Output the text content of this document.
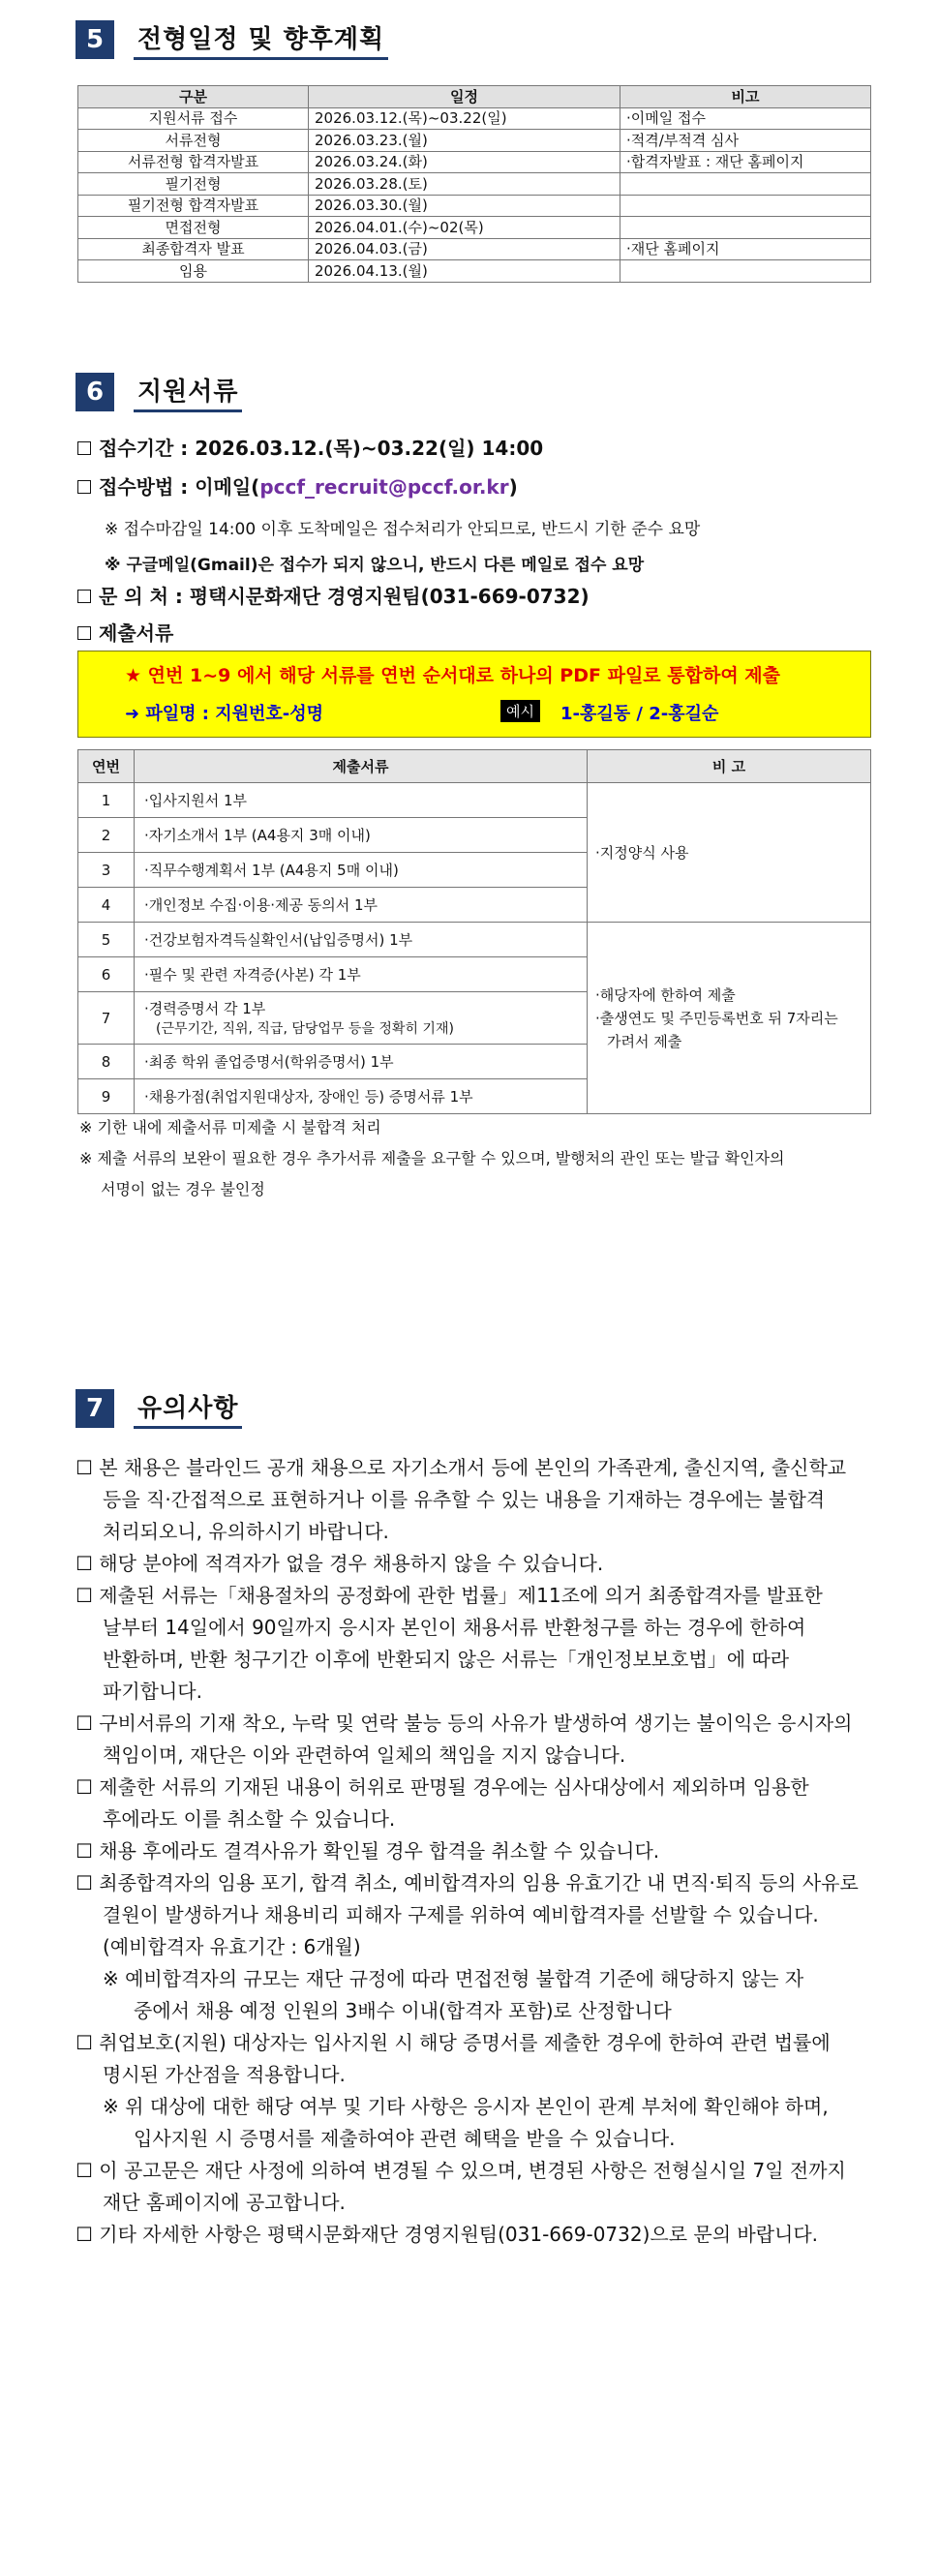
5	전형일정 및 향후계획
구분	일정	비고
지원서류 접수	2026.03.12.(목)~03.22(일)	·이메일 접수
서류전형	2026.03.23.(월)	·적격/부적격 심사
서류전형 합격자발표	2026.03.24.(화)	·합격자발표 : 재단 홈페이지
필기전형	2026.03.28.(토)	
필기전형 합격자발표	2026.03.30.(월)	
면접전형	2026.04.01.(수)~02(목)	
최종합격자 발표	2026.04.03.(금)	·재단 홈페이지
임용	2026.04.13.(월)	
6	지원서류
접수기간 : 2026.03.12.(목)~03.22(일) 14:00
접수방법 : 이메일(pccf_recruit@pccf.or.kr)
※ 접수마감일 14:00 이후 도착메일은 접수처리가 안되므로, 반드시 기한 준수 요망
※ 구글메일(Gmail)은 접수가 되지 않으니, 반드시 다른 메일로 접수 요망
문 의 처 : 평택시문화재단 경영지원팀(031-669-0732)
제출서류
★ 연번 1~9 에서 해당 서류를 연번 순서대로 하나의 PDF 파일로 통합하여 제출
➜ 파일명 : 지원번호-성명	예시	1-홍길동 / 2-홍길순
연번	제출서류	비 고
1	·입사지원서 1부	·지정양식 사용
2	·자기소개서 1부 (A4용지 3매 이내)	
3	·직무수행계획서 1부 (A4용지 5매 이내)	
4	·개인정보 수집·이용·제공 동의서 1부	
5	·건강보험자격득실확인서(납입증명서) 1부	·해당자에 한하여 제출
·출생연도 및 주민등록번호 뒤 7자리는
가려서 제출

6	·필수 및 관련 자격증(사본) 각 1부	
7	·경력증명서 각 1부
(근무기간, 직위, 직급, 담당업무 등을 정확히 기재)	

8	·최종 학위 졸업증명서(학위증명서) 1부	
9	·채용가점(취업지원대상자, 장애인 등) 증명서류 1부	
※ 기한 내에 제출서류 미제출 시 불합격 처리
※ 제출 서류의 보완이 필요한 경우 추가서류 제출을 요구할 수 있으며, 발행처의 관인 또는 발급 확인자의
서명이 없는 경우 불인정
7	유의사항
☐ 본 채용은 블라인드 공개 채용으로 자기소개서 등에 본인의 가족관계, 출신지역, 출신학교
등을 직·간접적으로 표현하거나 이를 유추할 수 있는 내용을 기재하는 경우에는 불합격
처리되오니, 유의하시기 바랍니다.
☐ 해당 분야에 적격자가 없을 경우 채용하지 않을 수 있습니다.
☐ 제출된 서류는「채용절차의 공정화에 관한 법률」제11조에 의거 최종합격자를 발표한
날부터 14일에서 90일까지 응시자 본인이 채용서류 반환청구를 하는 경우에 한하여
반환하며, 반환 청구기간 이후에 반환되지 않은 서류는「개인정보보호법」에 따라
파기합니다.
☐ 구비서류의 기재 착오, 누락 및 연락 불능 등의 사유가 발생하여 생기는 불이익은 응시자의
책임이며, 재단은 이와 관련하여 일체의 책임을 지지 않습니다.
☐ 제출한 서류의 기재된 내용이 허위로 판명될 경우에는 심사대상에서 제외하며 임용한
후에라도 이를 취소할 수 있습니다.
☐ 채용 후에라도 결격사유가 확인될 경우 합격을 취소할 수 있습니다.
☐ 최종합격자의 임용 포기, 합격 취소, 예비합격자의 임용 유효기간 내 면직·퇴직 등의 사유로
결원이 발생하거나 채용비리 피해자 구제를 위하여 예비합격자를 선발할 수 있습니다.
(예비합격자 유효기간 : 6개월)
※ 예비합격자의 규모는 재단 규정에 따라 면접전형 불합격 기준에 해당하지 않는 자
중에서 채용 예정 인원의 3배수 이내(합격자 포함)로 산정합니다
☐ 취업보호(지원) 대상자는 입사지원 시 해당 증명서를 제출한 경우에 한하여 관련 법률에
명시된 가산점을 적용합니다.
※ 위 대상에 대한 해당 여부 및 기타 사항은 응시자 본인이 관계 부처에 확인해야 하며,
입사지원 시 증명서를 제출하여야 관련 혜택을 받을 수 있습니다.
☐ 이 공고문은 재단 사정에 의하여 변경될 수 있으며, 변경된 사항은 전형실시일 7일 전까지
재단 홈페이지에 공고합니다.
☐ 기타 자세한 사항은 평택시문화재단 경영지원팀(031-669-0732)으로 문의 바랍니다.
